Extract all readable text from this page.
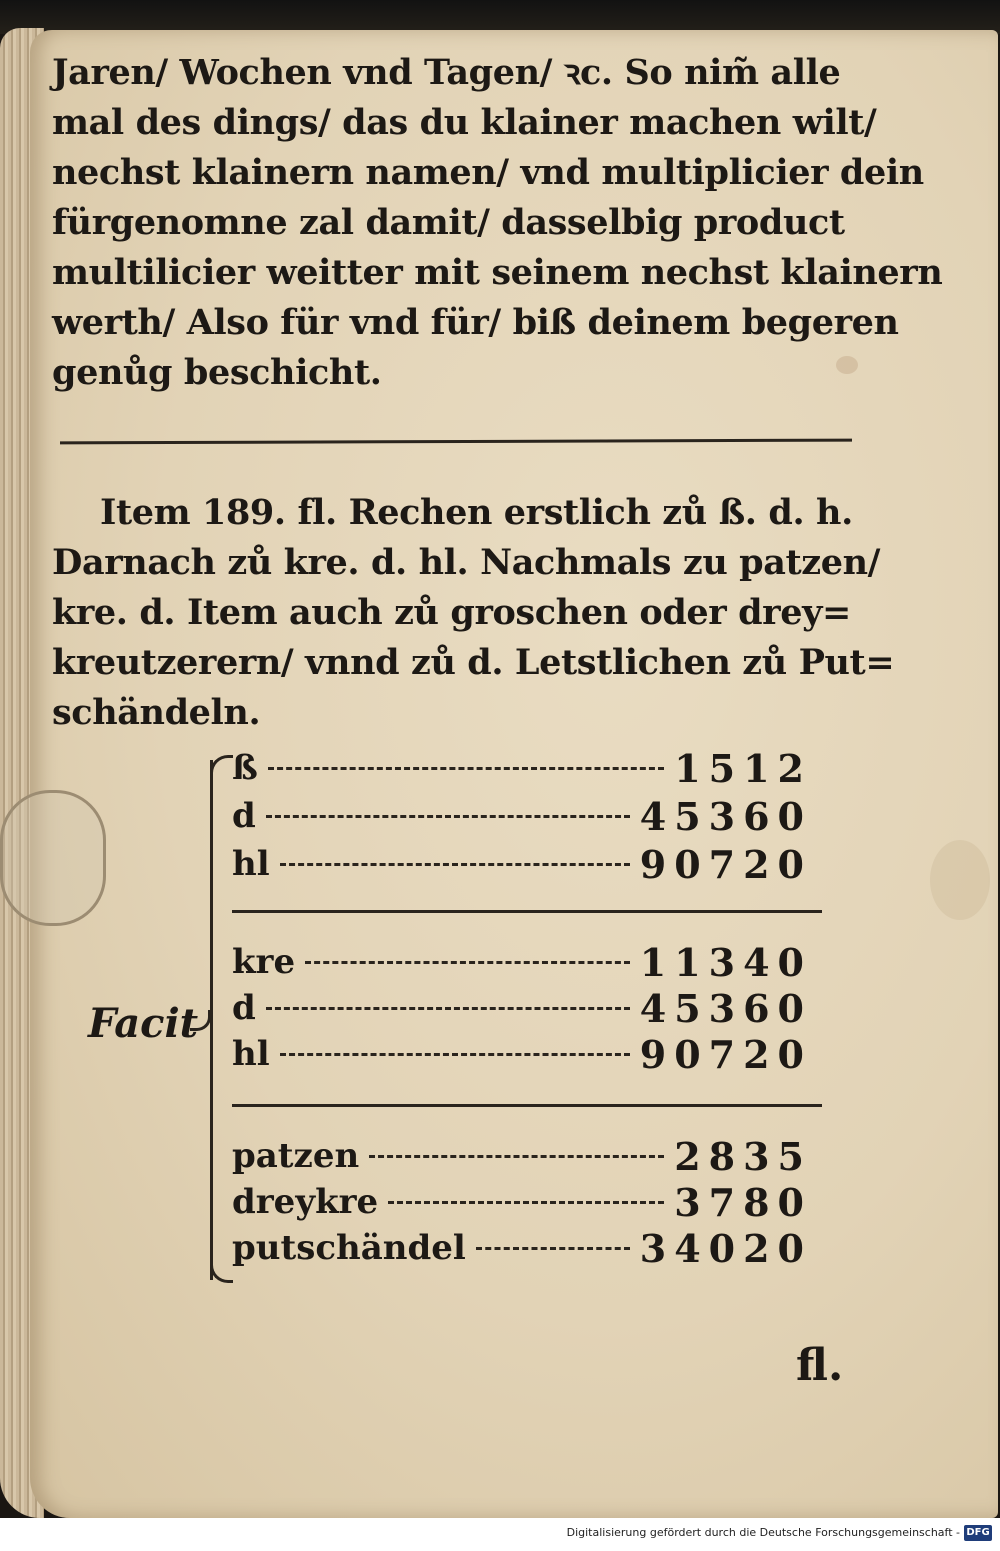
Jaren/ Wochen vnd Tagen/ ꝛc. So nim̃ alle
mal des dings/ das du klainer machen wilt/
nechst klainern namen/ vnd multiplicier dein
fürgenomne zal damit/ dasselbig product
multilicier weitter mit seinem nechst klainern
werth/ Also für vnd für/ biß deinem begeren
genůg beschicht.
Item 189. fl. Rechen erstlich zů ß. d. h.
Darnach zů kre. d. hl. Nachmals zu patzen/
kre. d. Item auch zů groschen oder drey=
kreutzerern/ vnnd zů d. Letstlichen zů Put=
schändeln.
Facit
ß	1512
d	45360
hl	90720
kre	11340
d	45360
hl	90720
patzen	2835
dreykre	3780
putschändel	34020
fl.
Digitalisierung gefördert durch die Deutsche Forschungsgemeinschaft - DFG
